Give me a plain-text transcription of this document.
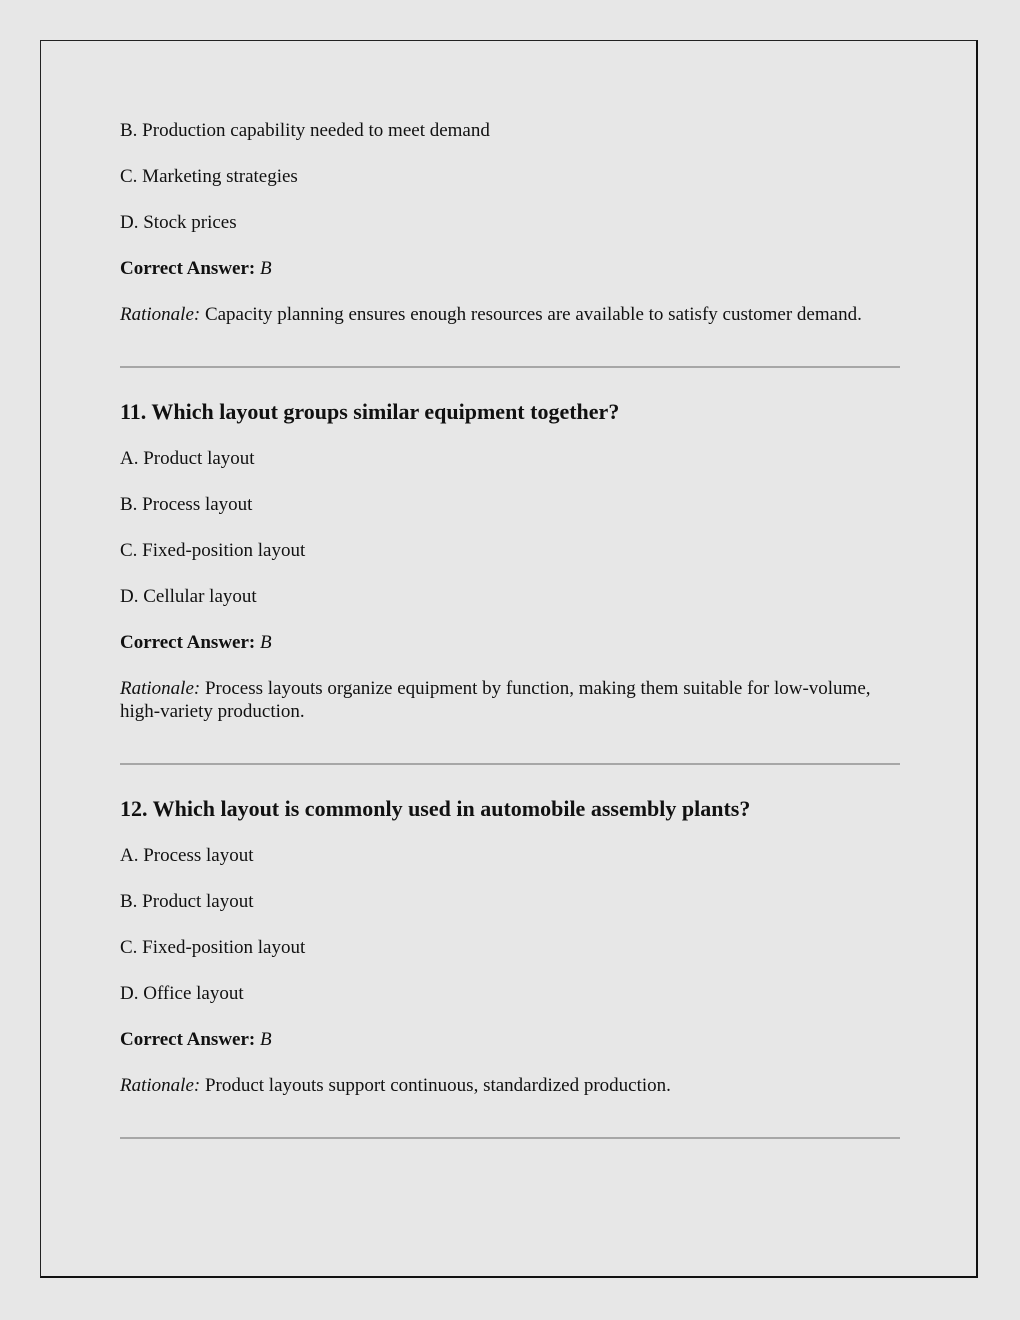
B. Production capability needed to meet demand

C. Marketing strategies

D. Stock prices

Correct Answer: B

Rationale: Capacity planning ensures enough resources are available to satisfy customer demand.

11. Which layout groups similar equipment together?

A. Product layout

B. Process layout

C. Fixed-position layout

D. Cellular layout

Correct Answer: B

Rationale: Process layouts organize equipment by function, making them suitable for low-volume, high-variety production.

12. Which layout is commonly used in automobile assembly plants?

A. Process layout

B. Product layout

C. Fixed-position layout

D. Office layout

Correct Answer: B

Rationale: Product layouts support continuous, standardized production.
